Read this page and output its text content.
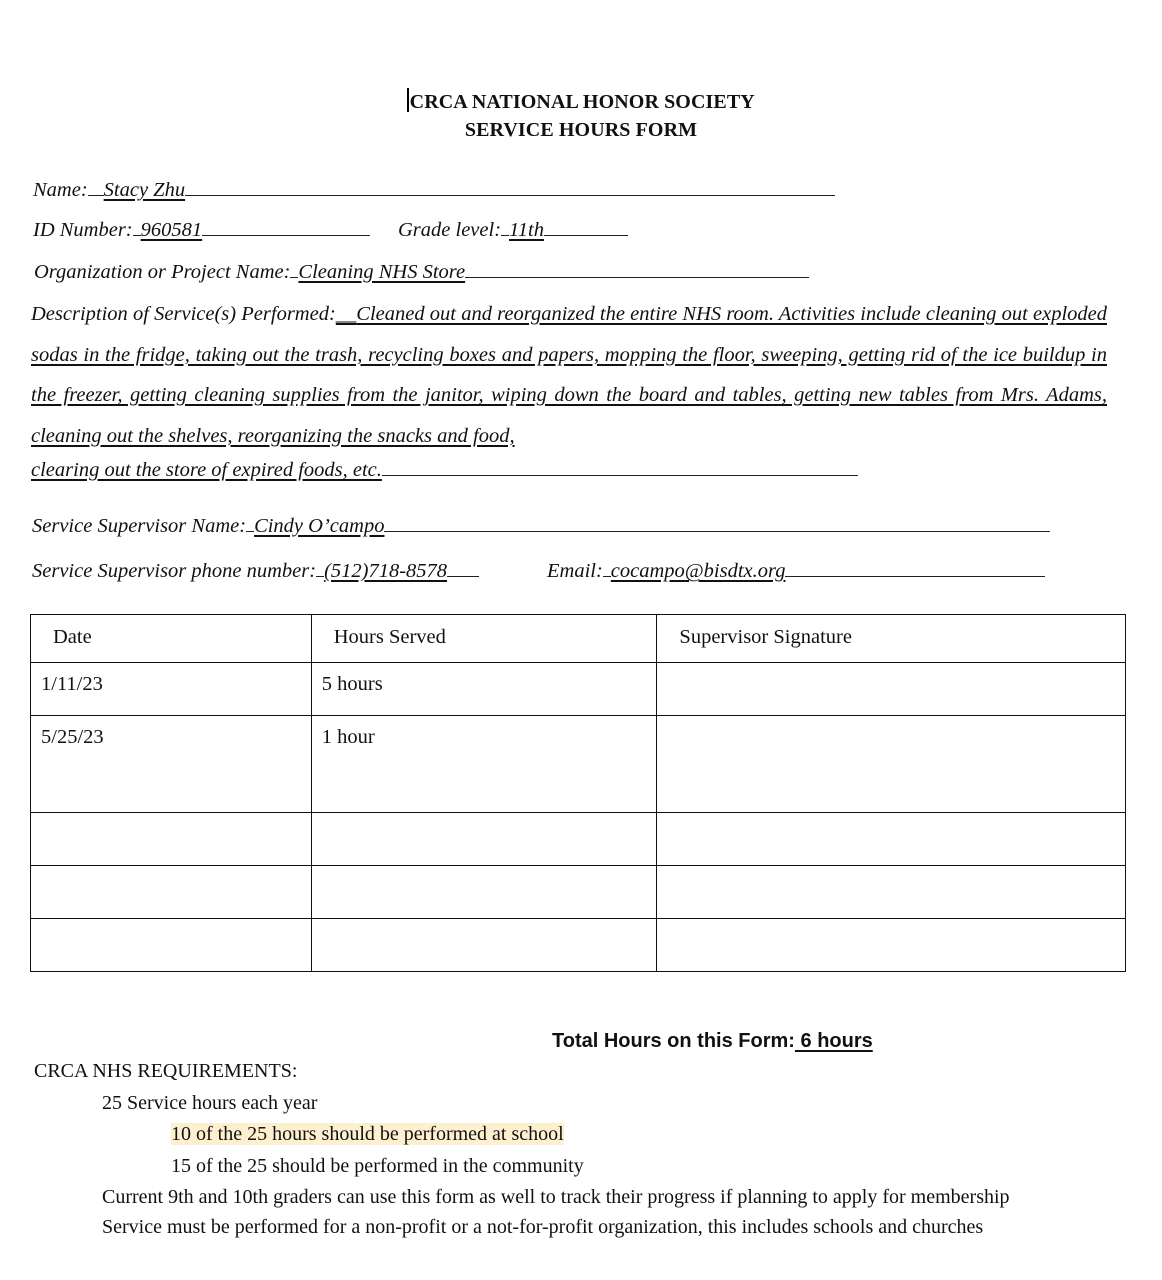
CRCA NATIONAL HONOR SOCIETY
SERVICE HOURS FORM
Name: Stacy Zhu
ID Number: 960581	Grade level: 11th
Organization or Project Name: Cleaning NHS Store

Description of Service(s) Performed:__Cleaned out and reorganized the entire NHS room. Activities include cleaning out exploded sodas in the fridge, taking out the trash, recycling boxes and papers, mopping the floor, sweeping, getting rid of the ice buildup in the freezer, getting cleaning supplies from the janitor, wiping down the board and tables, getting new tables from Mrs. Adams, cleaning out the shelves, reorganizing the snacks and food,

clearing out the store of expired foods, etc.
Service Supervisor Name: Cindy O’campo
Service Supervisor phone number: (512)718-8578	Email: cocampo@bisdtx.org
Date	Hours Served	Supervisor Signature
1/11/23	5 hours	
5/25/23	1 hour	

Total Hours on this Form: 6 hours
CRCA NHS REQUIREMENTS:
25 Service hours each year
10 of the 25 hours should be performed at school
15 of the 25 should be performed in the community
Current 9th and 10th graders can use this form as well to track their progress if planning to apply for membership
Service must be performed for a non-profit or a not-for-profit organization, this includes schools and churches
